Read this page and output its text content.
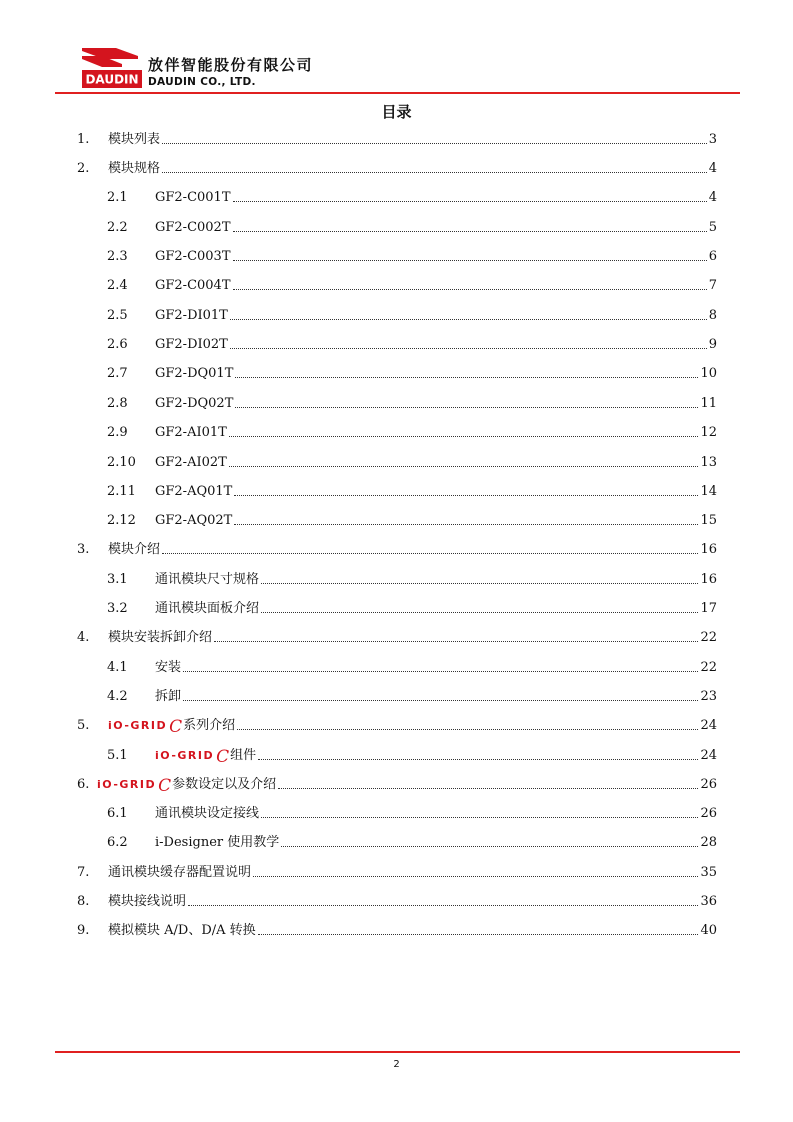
DAUDIN
放伴智能股份有限公司
DAUDIN CO., LTD.
目录
1.	模块列表	3
2.	模块规格	4
2.1	GF2-C001T	4
2.2	GF2-C002T	5
2.3	GF2-C003T	6
2.4	GF2-C004T	7
2.5	GF2-DI01T	8
2.6	GF2-DI02T	9
2.7	GF2-DQ01T	10
2.8	GF2-DQ02T	11
2.9	GF2-AI01T	12
2.10	GF2-AI02T	13
2.11	GF2-AQ01T	14
2.12	GF2-AQ02T	15
3.	模块介绍	16
3.1	通讯模块尺寸规格	16
3.2	通讯模块面板介绍	17
4.	模块安装拆卸介绍	22
4.1	安装	22
4.2	拆卸	23
5.	iO-GRID C 系列介绍	24
5.1	iO-GRID C 组件	24
6. iO-GRID C 参数设定以及介绍	26
6.1	通讯模块设定接线	26
6.2	i-Designer 使用教学	28
7.	通讯模块缓存器配置说明	35
8.	模块接线说明	36
9.	模拟模块 A/D、D/A 转换	40
2
